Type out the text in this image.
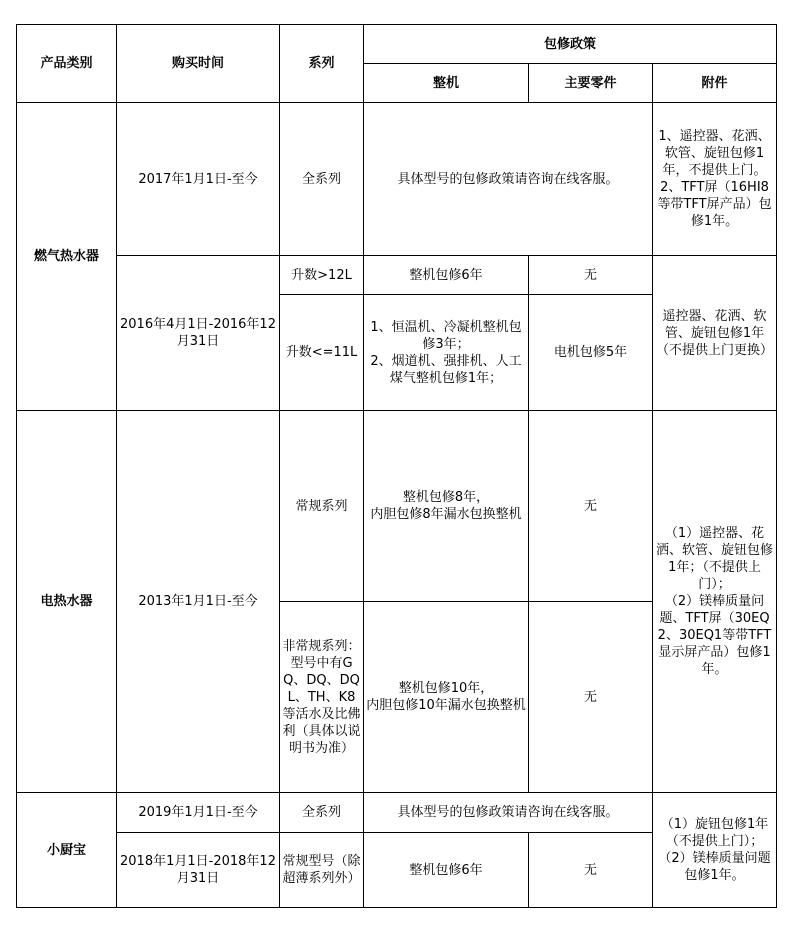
产品类别	购买时间	系列	包修政策		
			整机	主要零件	附件
燃气热水器	2017年1月1日-至今	全系列	具体型号的包修政策请咨询在线客服。		1、遥控器、花洒、软管、旋钮包修1年，不提供上门。
2、TFT屏（16HI8等带TFT屏产品）包修1年。
	2016年4月1日-2016年12月31日	升数>12L	整机包修6年	无	遥控器、花洒、软管、旋钮包修1年
（不提供上门更换）
		升数<=11L	1、恒温机、冷凝机整机包修3年；
2、烟道机、强排机、人工煤气整机包修1年；	电机包修5年	
电热水器	2013年1月1日-至今	常规系列	整机包修8年，
内胆包修8年漏水包换整机	无	（1）遥控器、花洒、软管、旋钮包修1年；（不提供上门）；
（2）镁棒质量问题、TFT屏（30EQ2、30EQ1等带TFT显示屏产品）包修1年。
		非常规系列：型号中有GQ、DQ、DQL、TH、K8等活水及比佛利（具体以说明书为准）	整机包修10年，
内胆包修10年漏水包换整机	无	
小厨宝	2019年1月1日-至今	全系列	具体型号的包修政策请咨询在线客服。		（1）旋钮包修1年（不提供上门）；
（2）镁棒质量问题包修1年。
	2018年1月1日-2018年12月31日	常规型号（除超薄系列外）	整机包修6年	无	
